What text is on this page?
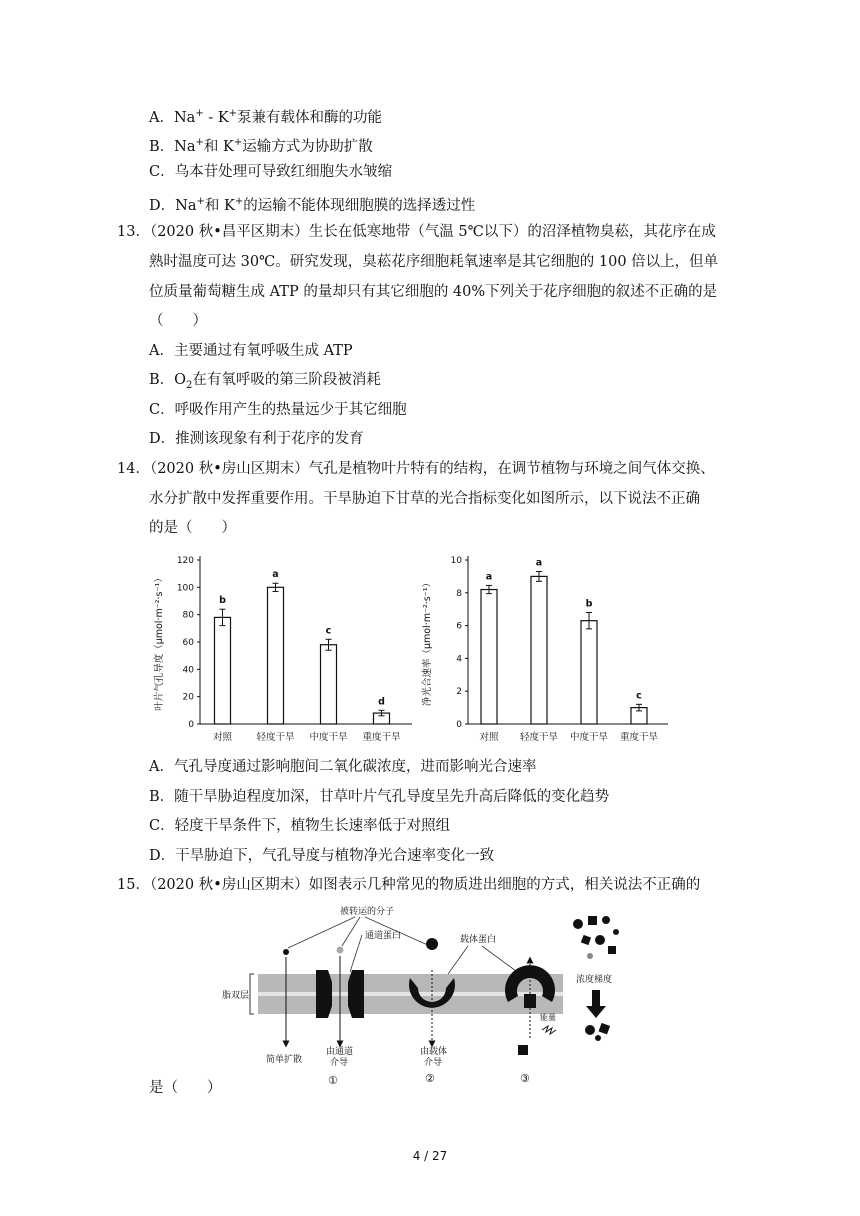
A．Na+ - K+泵兼有载体和酶的功能
B．Na+和 K+运输方式为协助扩散
C．乌本苷处理可导致红细胞失水皱缩
D．Na+和 K+的运输不能体现细胞膜的选择透过性
13．（2020 秋•昌平区期末）生长在低寒地带（气温 5℃以下）的沼泽植物臭菘，其花序在成
熟时温度可达 30℃。研究发现，臭菘花序细胞耗氧速率是其它细胞的 100 倍以上，但单
位质量葡萄糖生成 ATP 的量却只有其它细胞的 40%下列关于花序细胞的叙述不正确的是
（　　）
A．主要通过有氧呼吸生成 ATP
B．$O_2$在有氧呼吸的第三阶段被消耗
C．呼吸作用产生的热量远少于其它细胞
D．推测该现象有利于花序的发育
14．（2020 秋•房山区期末）气孔是植物叶片特有的结构，在调节植物与环境之间气体交换、
水分扩散中发挥重要作用。干旱胁迫下甘草的光合指标变化如图所示，以下说法不正确
的是（　　）
叶片气孔导度（μmol·m⁻²·s⁻¹）
0
20
40
60
80
100
120
b
对照
a
轻度干旱
c
中度干旱
d
重度干旱
净光合速率（μmol·m⁻²·s⁻¹）
0
2
4
6
8
10
a
对照
a
轻度干旱
b
中度干旱
c
重度干旱
A．气孔导度通过影响胞间二氧化碳浓度，进而影响光合速率
B．随干旱胁迫程度加深，甘草叶片气孔导度呈先升高后降低的变化趋势
C．轻度干旱条件下，植物生长速率低于对照组
D．干旱胁迫下，气孔导度与植物净光合速率变化一致
15．（2020 秋•房山区期末）如图表示几种常见的物质进出细胞的方式，相关说法不正确的
脂双层
被转运的分子
简单扩散
通道蛋白
由通道
介导
载体蛋白
由载体
介导
能量
①	②	③
浓度梯度
是（　　）
4 / 27
